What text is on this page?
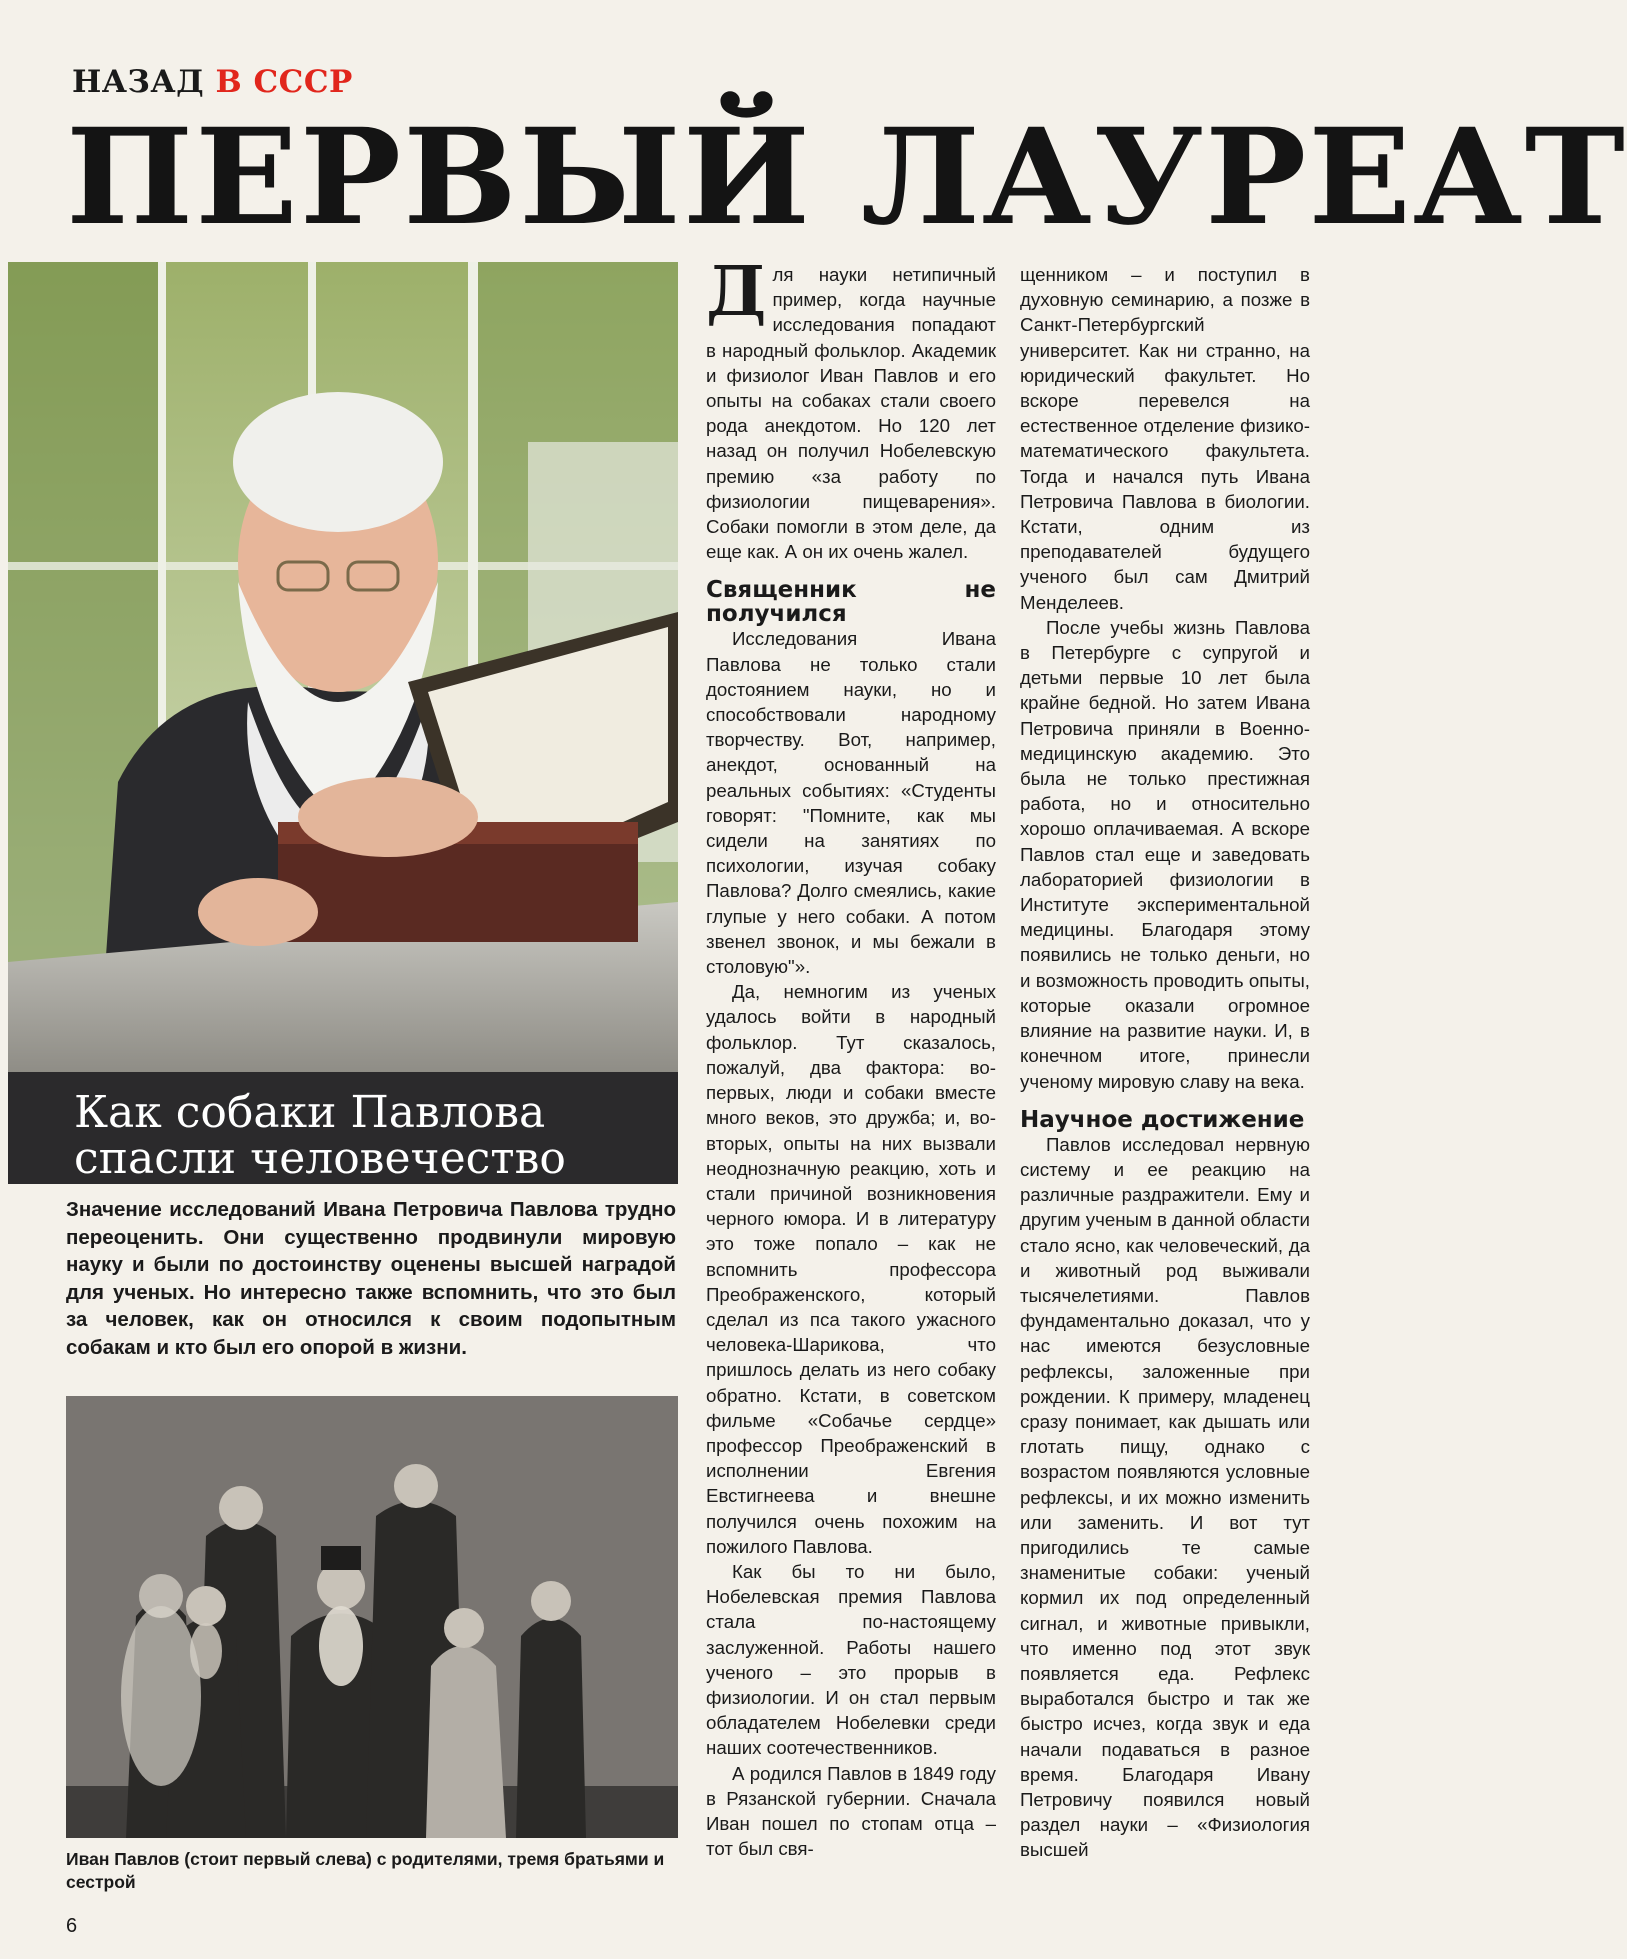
НАЗАД В СССР
ПЕРВЫЙ ЛАУРЕАТ
Как собаки Павлова
спасли человечество
Значение исследований Ивана Петровича Павлова трудно переоценить. Они существенно продвинули мировую науку и были по достоинству оценены высшей наградой для ученых. Но интересно также вспомнить, что это был за человек, как он относился к своим подопытным собакам и кто был его опорой в жизни.
Иван Павлов (стоит первый слева) с родителями, тремя братьями и сестрой
6

Для науки нетипичный пример, когда научные исследования попадают в народный фольклор. Академик и физиолог Иван Павлов и его опыты на собаках стали своего рода анекдотом. Но 120 лет назад он получил Нобелевскую премию «за работу по физиологии пищеварения». Собаки помогли в этом деле, да еще как. А он их очень жалел.

Священник не получился

Исследования Ивана Павлова не только стали достоянием науки, но и способствовали народному творчеству. Вот, например, анекдот, основанный на реальных событиях: «Студенты говорят: "Помните, как мы сидели на занятиях по психологии, изучая собаку Павлова? Долго смеялись, какие глупые у него собаки. А потом звенел звонок, и мы бежали в столовую"».

Да, немногим из ученых удалось войти в народный фольклор. Тут сказалось, пожалуй, два фактора: во-первых, люди и собаки вместе много веков, это дружба; и, во-вторых, опыты на них вызвали неоднозначную реакцию, хоть и стали причиной возникновения черного юмора. И в литературу это тоже попало – как не вспомнить профессора Преображенского, который сделал из пса такого ужасного человека-Шарикова, что пришлось делать из него собаку обратно. Кстати, в советском фильме «Собачье сердце» профессор Преображенский в исполнении Евгения Евстигнеева и внешне получился очень похожим на пожилого Павлова.

Как бы то ни было, Нобелевская премия Павлова стала по-настоящему заслуженной. Работы нашего ученого – это прорыв в физиологии. И он стал первым обладателем Нобелевки среди наших соотечественников.

А родился Павлов в 1849 году в Рязанской губернии. Сначала Иван пошел по стопам отца – тот был свя-

щенником – и поступил в духовную семинарию, а позже в Санкт-Петербургский университет. Как ни странно, на юридический факультет. Но вскоре перевелся на естественное отделение физико-математического факультета. Тогда и начался путь Ивана Петровича Павлова в биологии. Кстати, одним из преподавателей будущего ученого был сам Дмитрий Менделеев.

После учебы жизнь Павлова в Петербурге с супругой и детьми первые 10 лет была крайне бедной. Но затем Ивана Петровича приняли в Военно-медицинскую академию. Это была не только престижная работа, но и относительно хорошо оплачиваемая. А вскоре Павлов стал еще и заведовать лабораторией физиологии в Институте экспериментальной медицины. Благодаря этому появились не только деньги, но и возможность проводить опыты, которые оказали огромное влияние на развитие науки. И, в конечном итоге, принесли ученому мировую славу на века.

Научное достижение

Павлов исследовал нервную систему и ее реакцию на различные раздражители. Ему и другим ученым в данной области стало ясно, как человеческий, да и животный род выживали тысячелетиями. Павлов фундаментально доказал, что у нас имеются безусловные рефлексы, заложенные при рождении. К примеру, младенец сразу понимает, как дышать или глотать пищу, однако с возрастом появляются условные рефлексы, и их можно изменить или заменить. И вот тут пригодились те самые знаменитые собаки: ученый кормил их под определенный сигнал, и животные привыкли, что именно под этот звук появляется еда. Рефлекс выработался быстро и так же быстро исчез, когда звук и еда начали подаваться в разное время. Благодаря Ивану Петровичу появился новый раздел науки – «Физиология высшей
